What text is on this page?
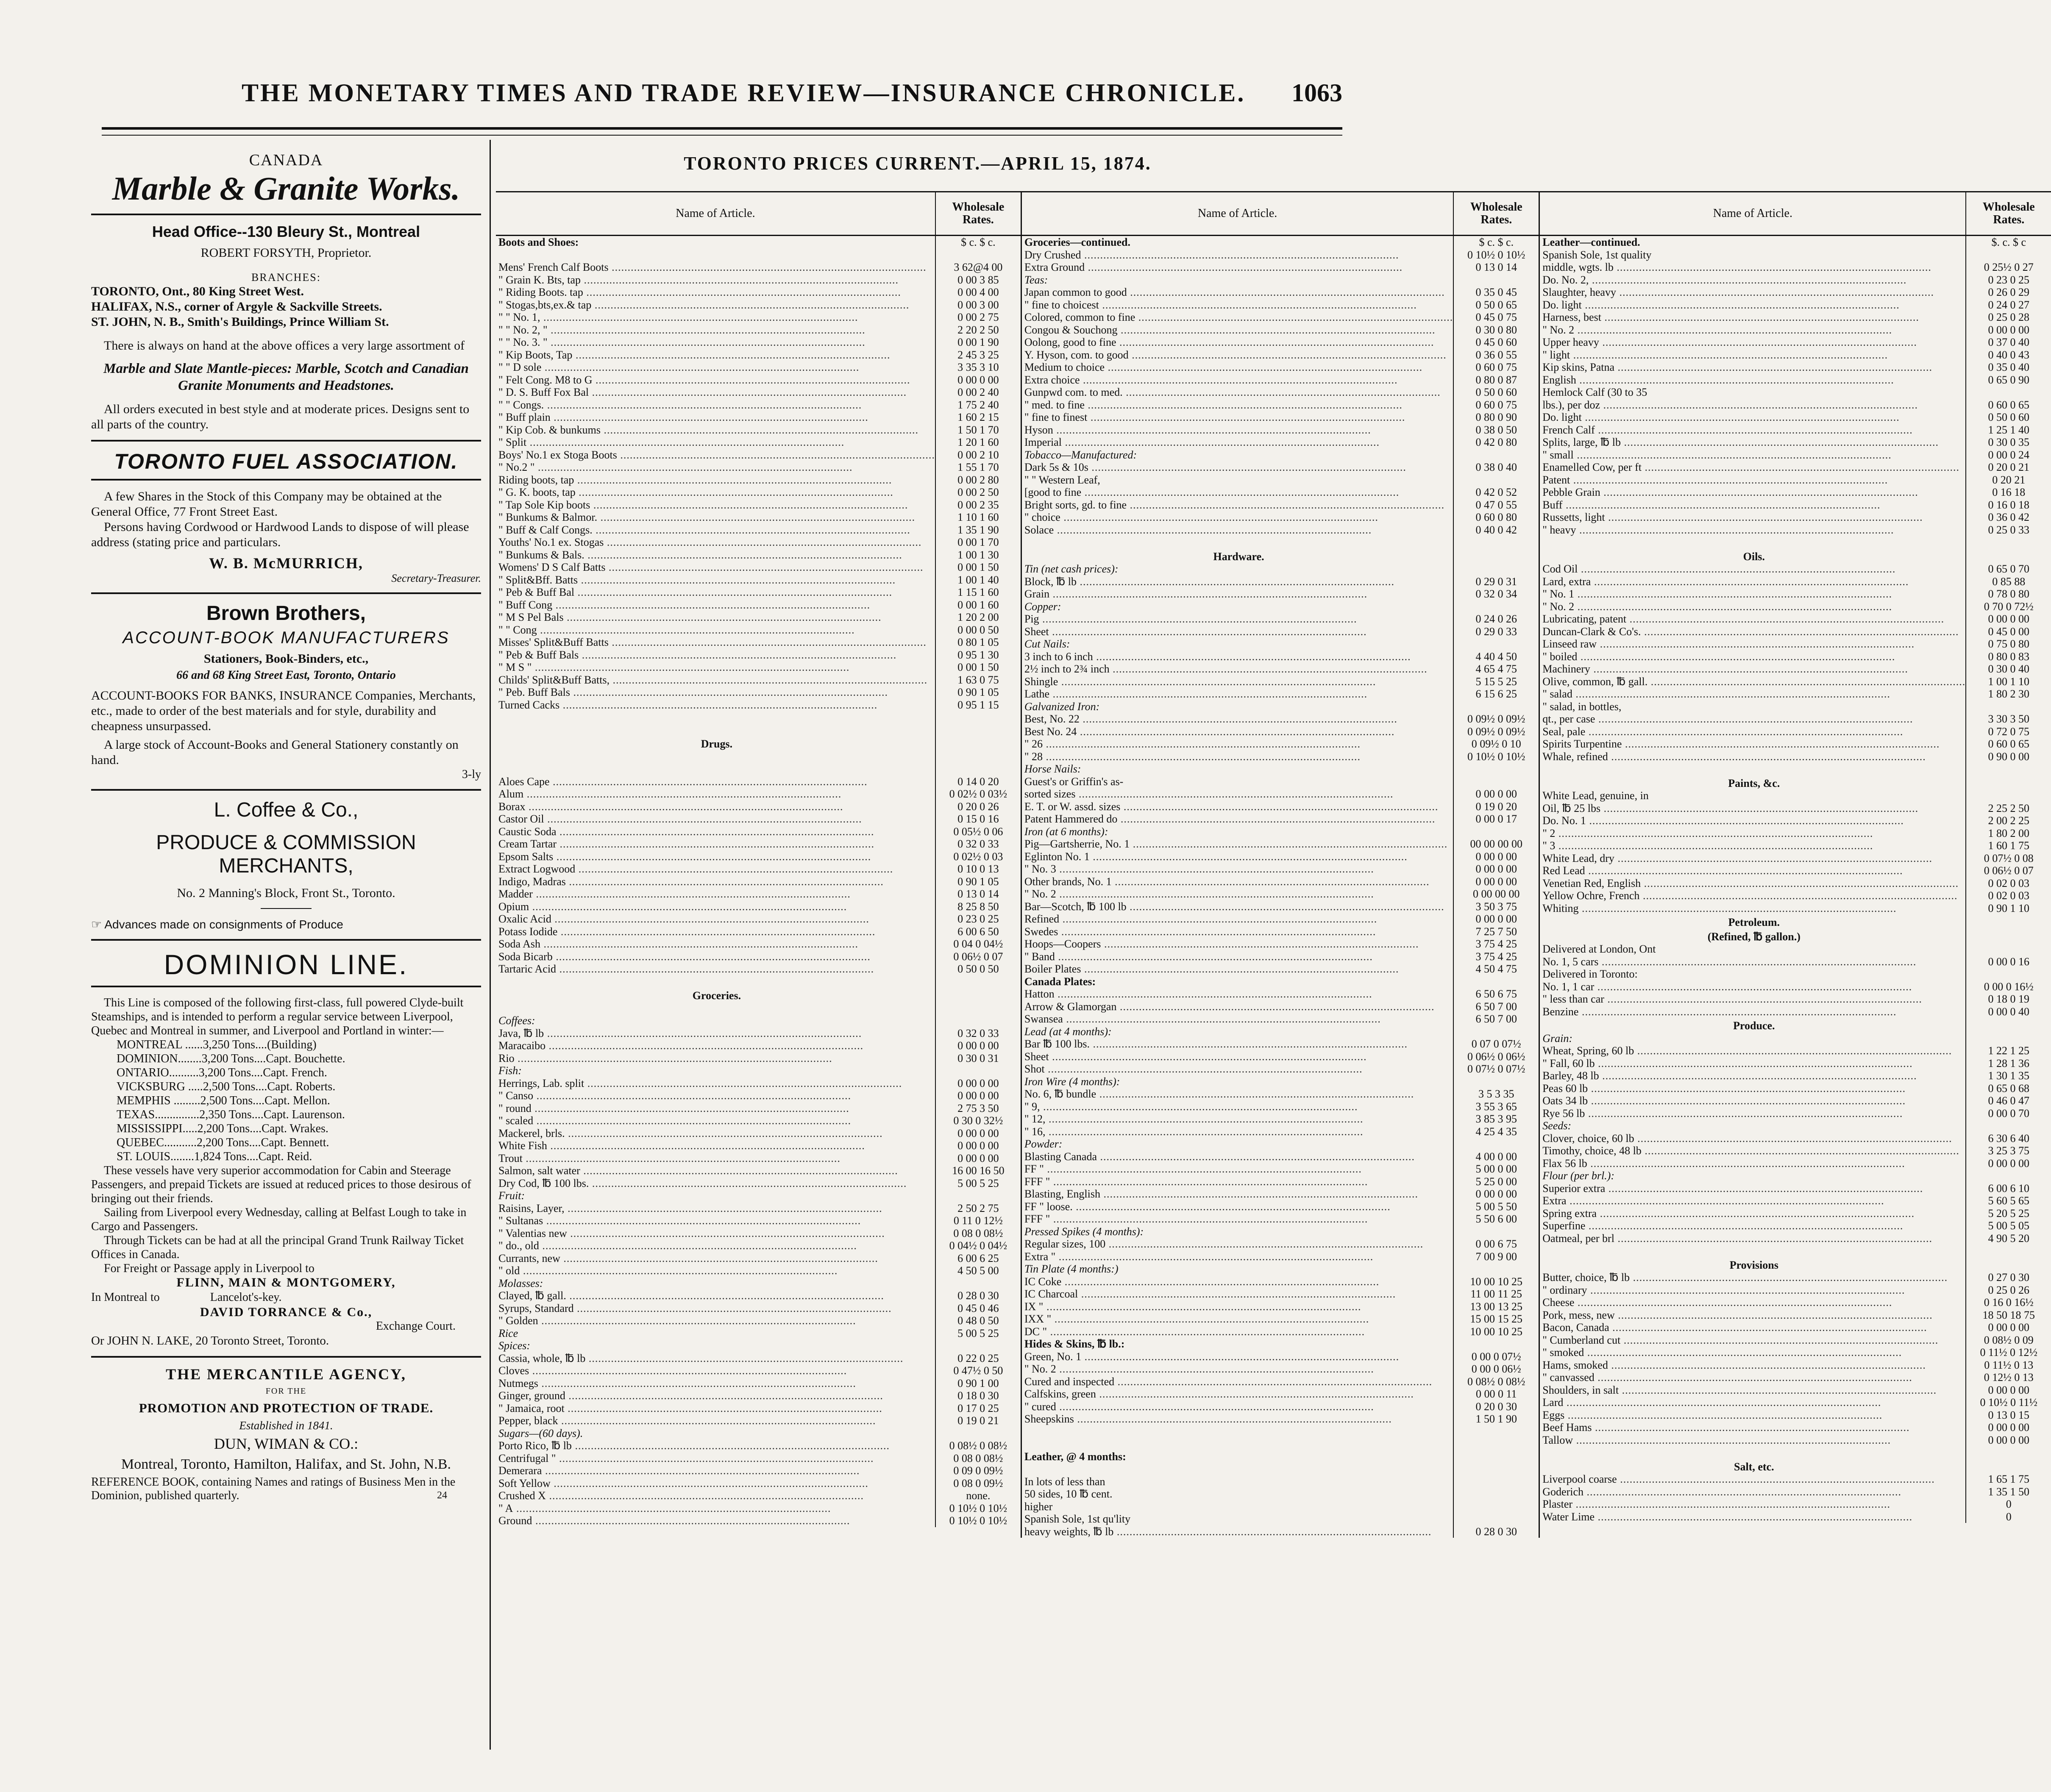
THE MONETARY TIMES AND TRADE REVIEW—INSURANCE CHRONICLE. 1063

CANADA

Marble & Granite Works.

Head Office--130 Bleury St., Montreal

ROBERT FORSYTH, Proprietor.

BRANCHES:

TORONTO, Ont., 80 King Street West.

HALIFAX, N.S., corner of Argyle & Sackville Streets.

ST. JOHN, N. B., Smith's Buildings, Prince William St.

There is always on hand at the above offices a very large assortment of

Marble and Slate Mantle-pieces: Marble, Scotch and Canadian Granite Monuments and Headstones.

All orders executed in best style and at moderate prices. Designs sent to all parts of the country.

TORONTO FUEL ASSOCIATION.

A few Shares in the Stock of this Company may be obtained at the General Office, 77 Front Street East.

Persons having Cordwood or Hardwood Lands to dispose of will please address (stating price and particulars.

W. B. McMURRICH,

Secretary-Treasurer.

Brown Brothers,

ACCOUNT-BOOK MANUFACTURERS

Stationers, Book-Binders, etc.,

66 and 68 King Street East, Toronto, Ontario

ACCOUNT-BOOKS FOR BANKS, INSURANCE Companies, Merchants, etc., made to order of the best materials and for style, durability and cheapness unsurpassed.

A large stock of Account-Books and General Stationery constantly on hand.

3-ly

L. Coffee & Co.,

PRODUCE & COMMISSION MERCHANTS,

No. 2 Manning's Block, Front St., Toronto.

☞ Advances made on consignments of Produce

DOMINION LINE.

This Line is composed of the following first-class, full powered Clyde-built Steamships, and is intended to perform a regular service between Liverpool, Quebec and Montreal in summer, and Liverpool and Portland in winter:—

MONTREAL ......3,250 Tons....(Building)

DOMINION........3,200 Tons....Capt. Bouchette.

ONTARIO..........3,200 Tons....Capt. French.

VICKSBURG .....2,500 Tons....Capt. Roberts.

MEMPHIS .........2,500 Tons....Capt. Mellon.

TEXAS...............2,350 Tons....Capt. Laurenson.

MISSISSIPPI.....2,200 Tons....Capt. Wrakes.

QUEBEC...........2,200 Tons....Capt. Bennett.

ST. LOUIS........1,824 Tons....Capt. Reid.

These vessels have very superior accommodation for Cabin and Steerage Passengers, and prepaid Tickets are issued at reduced prices to those desirous of bringing out their friends.

Sailing from Liverpool every Wednesday, calling at Belfast Lough to take in Cargo and Passengers.

Through Tickets can be had at all the principal Grand Trunk Railway Ticket Offices in Canada.

For Freight or Passage apply in Liverpool to

FLINN, MAIN & MONTGOMERY,

In Montreal to                 Lancelot's-key.

DAVID TORRANCE & Co.,

Exchange Court.

Or JOHN N. LAKE, 20 Toronto Street, Toronto.

THE MERCANTILE AGENCY,

FOR THE

PROMOTION AND PROTECTION OF TRADE.

Established in 1841.

DUN, WIMAN & CO.:

Montreal, Toronto, Hamilton, Halifax, and St. John, N.B.

REFERENCE BOOK, containing Names and ratings of Business Men in the Dominion, published quarterly.	24

TORONTO PRICES CURRENT.—APRIL 15, 1874.
Name of Article.	Wholesale Rates.
Boots and Shoes:	$ c. $ c.

Mens' French Calf Boots .....	3 62@4 00
" Grain K. Bts, tap .....	0 00 3 85
" Riding Boots. tap .....	0 00 4 00
" Stogas,bts,ex.& tap .....	0 00 3 00
" " No. 1, .....	0 00 2 75
" " No. 2, " .....	2 20 2 50
" " No. 3. " .....	0 00 1 90
" Kip Boots, Tap .....	2 45 3 25
" " D sole .....	3 35 3 10
" Felt Cong. M8 to G .....	0 00 0 00
" D. S. Buff Fox Bal .....	0 00 2 40
" " Congs. .....	1 75 2 40
" Buff plain .....	1 60 2 15
" Kip Cob. & bunkums .....	1 50 1 70
" Split .....	1 20 1 60
Boys' No.1 ex Stoga Boots .....	0 00 2 10
" No.2 " .....	1 55 1 70
Riding boots, tap .....	0 00 2 80
" G. K. boots, tap .....	0 00 2 50
" Tap Sole Kip boots .....	0 00 2 35
" Bunkums & Balmor. .....	1 10 1 60
" Buff & Calf Congs. .....	1 35 1 90
Youths' No.1 ex. Stogas .....	0 00 1 70
" Bunkums & Bals. .....	1 00 1 30
Womens' D S Calf Batts .....	0 00 1 50
" Split&Bff. Batts .....	1 00 1 40
" Peb & Buff Bal .....	1 15 1 60
" Buff Cong .....	0 00 1 60
" M S Pel Bals .....	1 20 2 00
" " Cong .....	0 00 0 50
Misses' Split&Buff Batts .....	0 80 1 05
" Peb & Buff Bals .....	0 95 1 30
" M S " .....	0 00 1 50
Childs' Split&Buff Batts, .....	1 63 0 75
" Peb. Buff Bals .....	0 90 1 05
Turned Cacks .....	0 95 1 15

Drugs.

Aloes Cape .....	0 14 0 20
Alum .....	0 02½ 0 03½
Borax .....	0 20 0 26
Castor Oil .....	0 15 0 16
Caustic Soda .....	0 05½ 0 06
Cream Tartar .....	0 32 0 33
Epsom Salts .....	0 02½ 0 03
Extract Logwood .....	0 10 0 13
Indigo, Madras .....	0 90 1 05
Madder .....	0 13 0 14
Opium .....	8 25 8 50
Oxalic Acid .....	0 23 0 25
Potass Iodide .....	6 00 6 50
Soda Ash .....	0 04 0 04½
Soda Bicarb .....	0 06½ 0 07
Tartaric Acid .....	0 50 0 50

Groceries.

Coffees:

Java, ℔ lb .....	0 32 0 33
Maracaibo .....	0 00 0 00
Rio .....	0 30 0 31
Fish:

Herrings, Lab. split .....	0 00 0 00
" Canso .....	0 00 0 00
" round .....	2 75 3 50
" scaled .....	0 30 0 32½
Mackerel, brls. .....	0 00 0 00
White Fish .....	0 00 0 00
Trout .....	0 00 0 00
Salmon, salt water .....	16 00 16 50
Dry Cod, ℔ 100 lbs. .....	5 00 5 25
Fruit:

Raisins, Layer, .....	2 50 2 75
" Sultanas .....	0 11 0 12½
" Valentias new .....	0 08 0 08½
" do., old .....	0 04½ 0 04½
Currants, new .....	6 00 6 25
" old .....	4 50 5 00
Molasses:

Clayed, ℔ gall. .....	0 28 0 30
Syrups, Standard .....	0 45 0 46
" Golden .....	0 48 0 50
Rice	5 00 5 25
Spices:

Cassia, whole, ℔ lb .....	0 22 0 25
Cloves .....	0 47½ 0 50
Nutmegs .....	0 90 1 00
Ginger, ground .....	0 18 0 30
" Jamaica, root .....	0 17 0 25
Pepper, black .....	0 19 0 21
Sugars—(60 days).

Porto Rico, ℔ lb .....	0 08½ 0 08½
Centrifugal " .....	0 08 0 08½
Demerara .....	0 09 0 09½
Soft Yellow .....	0 08 0 09½
Crushed X .....	none.
" A .....	0 10½ 0 10½
Ground .....	0 10½ 0 10½
Name of Article.	Wholesale Rates.
Groceries—continued.	$ c. $ c.
Dry Crushed .....	0 10½ 0 10½
Extra Ground .....	0 13 0 14
Teas:

Japan common to good .....	0 35 0 45
" fine to choicest .....	0 50 0 65
Colored, common to fine .....	0 45 0 75
Congou & Souchong .....	0 30 0 80
Oolong, good to fine .....	0 45 0 60
Y. Hyson, com. to good .....	0 36 0 55
Medium to choice .....	0 60 0 75
Extra choice .....	0 80 0 87
Gunpwd com. to med. .....	0 50 0 60
" med. to fine .....	0 60 0 75
" fine to finest .....	0 80 0 90
Hyson .....	0 38 0 50
Imperial .....	0 42 0 80
Tobacco—Manufactured:

Dark 5s & 10s .....	0 38 0 40
" " Western Leaf,

[good to fine .....	0 42 0 52
Bright sorts, gd. to fine .....	0 47 0 55
" choice .....	0 60 0 80
Solace .....	0 40 0 42

Hardware.

Tin (net cash prices):

Block, ℔ lb .....	0 29 0 31
Grain .....	0 32 0 34
Copper:

Pig .....	0 24 0 26
Sheet .....	0 29 0 33
Cut Nails:

3 inch to 6 inch .....	4 40 4 50
2½ inch to 2¾ inch .....	4 65 4 75
Shingle .....	5 15 5 25
Lathe .....	6 15 6 25
Galvanized Iron:

Best, No. 22 .....	0 09½ 0 09½
Best No. 24 .....	0 09½ 0 09½
" 26 .....	0 09½ 0 10
" 28 .....	0 10½ 0 10½
Horse Nails:

Guest's or Griffin's as-

sorted sizes .....	0 00 0 00
E. T. or W. assd. sizes .....	0 19 0 20
Patent Hammered do .....	0 00 0 17
Iron (at 6 months):

Pig—Gartsherrie, No. 1 .....	00 00 00 00
Eglinton No. 1 .....	0 00 0 00
" No. 3 .....	0 00 0 00
Other brands, No. 1 .....	0 00 0 00
" No. 2 .....	0 00 00 00
Bar—Scotch, ℔ 100 lb .....	3 50 3 75
Refined .....	0 00 0 00
Swedes .....	7 25 7 50
Hoops—Coopers .....	3 75 4 25
" Band .....	3 75 4 25
Boiler Plates .....	4 50 4 75
Canada Plates:

Hatton .....	6 50 6 75
Arrow & Glamorgan .....	6 50 7 00
Swansea .....	6 50 7 00
Lead (at 4 months):

Bar ℔ 100 lbs. .....	0 07 0 07½
Sheet .....	0 06½ 0 06½
Shot .....	0 07½ 0 07½
Iron Wire (4 months):

No. 6, ℔ bundle .....	3 5 3 35
" 9, .....	3 55 3 65
" 12, .....	3 85 3 95
" 16, .....	4 25 4 35
Powder:

Blasting Canada .....	4 00 0 00
FF " .....	5 00 0 00
FFF " .....	5 25 0 00
Blasting, English .....	0 00 0 00
FF " loose. .....	5 00 5 50
FFF " .....	5 50 6 00
Pressed Spikes (4 months):

Regular sizes, 100 .....	0 00 6 75
Extra " .....	7 00 9 00
Tin Plate (4 months:)

IC Coke .....	10 00 10 25
IC Charcoal .....	11 00 11 25
IX " .....	13 00 13 25
IXX " .....	15 00 15 25
DC " .....	10 00 10 25
Hides & Skins, ℔ lb.:

Green, No. 1 .....	0 00 0 07½
" No. 2 .....	0 00 0 06½
Cured and inspected .....	0 08½ 0 08½
Calfskins, green .....	0 00 0 11
" cured .....	0 20 0 30
Sheepskins .....	1 50 1 90

Leather, @ 4 months:

In lots of less than

50 sides, 10 ℔ cent.

higher

Spanish Sole, 1st qu'lity

heavy weights, ℔ lb .....	0 28 0 30
Name of Article.	Wholesale Rates.
Leather—continued.	$. c. $ c
Spanish Sole, 1st quality

middle, wgts. lb .....	0 25½ 0 27
Do. No. 2, .....	0 23 0 25
Slaughter, heavy .....	0 26 0 29
Do. light .....	0 24 0 27
Harness, best .....	0 25 0 28
" No. 2 .....	0 00 0 00
Upper heavy .....	0 37 0 40
" light .....	0 40 0 43
Kip skins, Patna .....	0 35 0 40
English .....	0 65 0 90
Hemlock Calf (30 to 35

lbs.), per doz .....	0 60 0 65
Do. light .....	0 50 0 60
French Calf .....	1 25 1 40
Splits, large, ℔ lb .....	0 30 0 35
" small .....	0 00 0 24
Enamelled Cow, per ft .....	0 20 0 21
Patent .....	0 20 21
Pebble Grain .....	0 16 18
Buff .....	0 16 0 18
Russetts, light .....	0 36 0 42
" heavy .....	0 25 0 33

Oils.

Cod Oil .....	0 65 0 70
Lard, extra .....	0 85 88
" No. 1 .....	0 78 0 80
" No. 2 .....	0 70 0 72½
Lubricating, patent .....	0 00 0 00
Duncan-Clark & Co's. .....	0 45 0 00
Linseed raw .....	0 75 0 80
" boiled .....	0 80 0 83
Machinery .....	0 30 0 40
Olive, common, ℔ gall. .....	1 00 1 10
" salad .....	1 80 2 30
" salad, in bottles,

qt., per case .....	3 30 3 50
Seal, pale .....	0 72 0 75
Spirits Turpentine .....	0 60 0 65
Whale, refined .....	0 90 0 00

Paints, &c.

White Lead, genuine, in

Oil, ℔ 25 lbs .....	2 25 2 50
Do. No. 1 .....	2 00 2 25
" 2 .....	1 80 2 00
" 3 .....	1 60 1 75
White Lead, dry .....	0 07½ 0 08
Red Lead .....	0 06½ 0 07
Venetian Red, English .....	0 02 0 03
Yellow Ochre, French .....	0 02 0 03
Whiting .....	0 90 1 10
Petroleum.

(Refined, ℔ gallon.)

Delivered at London, Ont

No. 1, 5 cars .....	0 00 0 16
Delivered in Toronto:

No. 1, 1 car .....	0 00 0 16½
" less than car .....	0 18 0 19
Benzine .....	0 00 0 40
Produce.

Grain:

Wheat, Spring, 60 lb .....	1 22 1 25
" Fall, 60 lb .....	1 28 1 36
Barley, 48 lb .....	1 30 1 35
Peas 60 lb .....	0 65 0 68
Oats 34 lb .....	0 46 0 47
Rye 56 lb .....	0 00 0 70
Seeds:

Clover, choice, 60 lb .....	6 30 6 40
Timothy, choice, 48 lb .....	3 25 3 75
Flax 56 lb .....	0 00 0 00
Flour (per brl.):

Superior extra .....	6 00 6 10
Extra .....	5 60 5 65
Spring extra .....	5 20 5 25
Superfine .....	5 00 5 05
Oatmeal, per brl .....	4 90 5 20

Provisions

Butter, choice, ℔ lb .....	0 27 0 30
" ordinary .....	0 25 0 26
Cheese .....	0 16 0 16½
Pork, mess, new .....	18 50 18 75
Bacon, Canada .....	0 00 0 00
" Cumberland cut .....	0 08½ 0 09
" smoked .....	0 11½ 0 12½
Hams, smoked .....	0 11½ 0 13
" canvassed .....	0 12½ 0 13
Shoulders, in salt .....	0 00 0 00
Lard .....	0 10½ 0 11½
Eggs .....	0 13 0 15
Beef Hams .....	0 00 0 00
Tallow .....	0 00 0 00

Salt, etc.

Liverpool coarse .....	1 65 1 75
Goderich .....	1 35 1 50
Plaster .....	0
Water Lime .....	0
